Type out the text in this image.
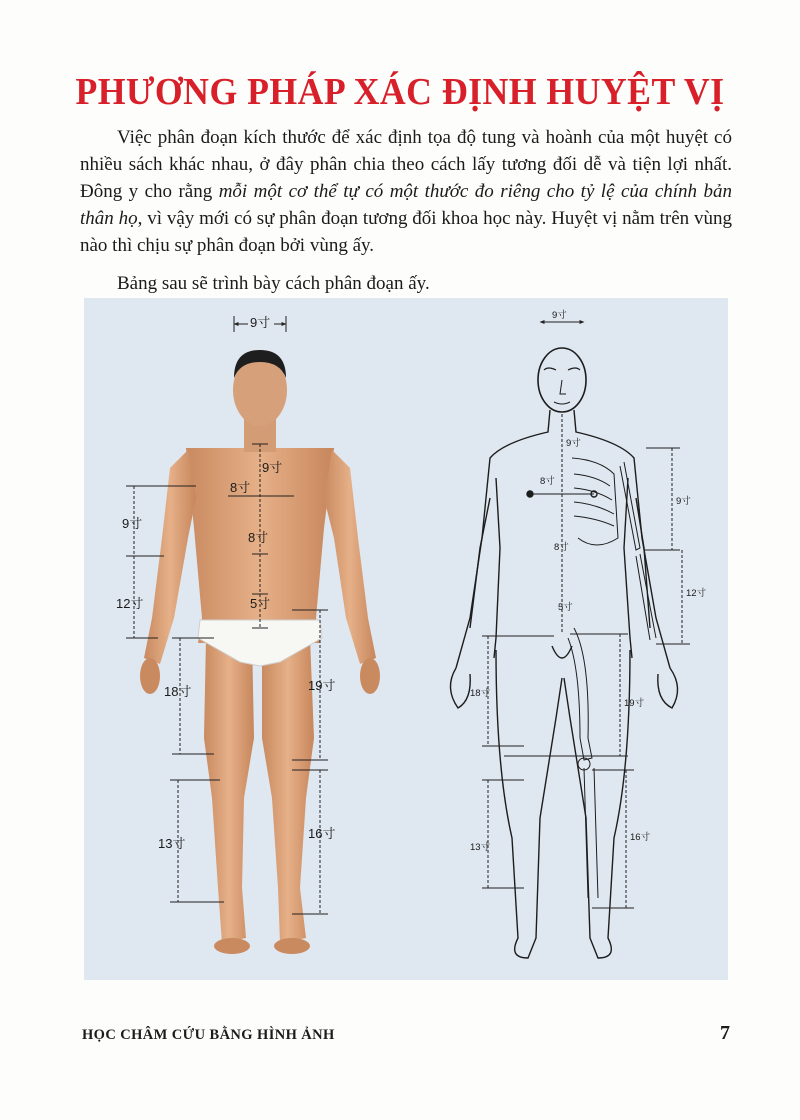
PHƯƠNG PHÁP XÁC ĐỊNH HUYỆT VỊ

Việc phân đoạn kích thước để xác định tọa độ tung và hoành của một huyệt có nhiều sách khác nhau, ở đây phân chia theo cách lấy tương đối dễ và tiện lợi nhất. Đông y cho rằng mỗi một cơ thể tự có một thước đo riêng cho tỷ lệ của chính bản thân họ, vì vậy mới có sự phân đoạn tương đối khoa học này. Huyệt vị nằm trên vùng nào thì chịu sự phân đoạn bởi vùng ấy.

Bảng sau sẽ trình bày cách phân đoạn ấy.

9寸
9寸
8寸
8寸
5寸
9寸
12寸
18寸	19寸
13寸
16寸
9寸
9寸
8寸
8寸
5寸
9寸
12寸
18寸
19寸
13寸
16寸
HỌC CHÂM CỨU BẰNG HÌNH ẢNH	7
